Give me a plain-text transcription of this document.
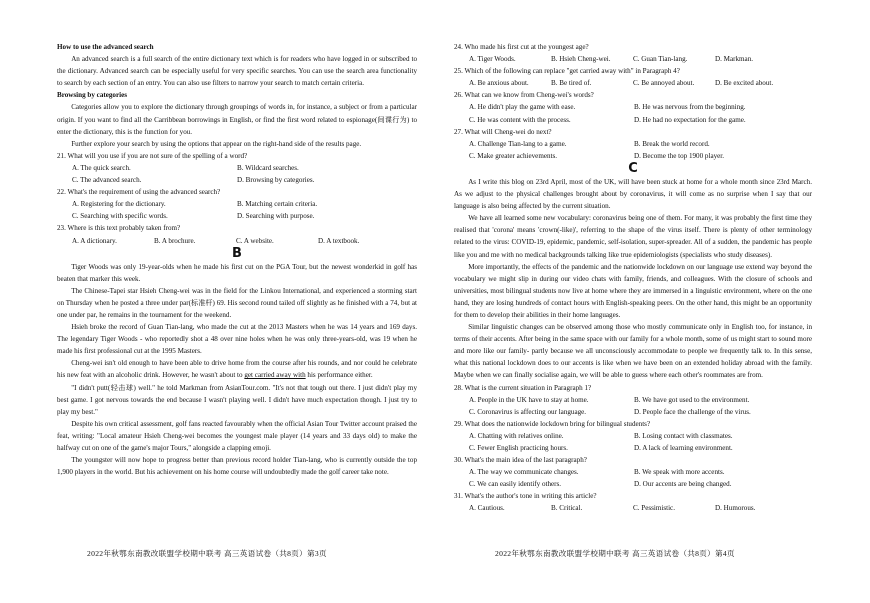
How to use the advanced search

An advanced search is a full search of the entire dictionary text which is for readers who have logged in or subscribed to the dictionary. Advanced search can be especially useful for very specific searches. You can use the search area functionality to search by each section of an entry. You can also use filters to narrow your search to match certain criteria.

Browsing by categories

Categories allow you to explore the dictionary through groupings of words in, for instance, a subject or from a particular origin. If you want to find all the Carribbean borrowings in English, or find the first word related to espionage(间谍行为) to enter the dictionary, this is the function for you.

Further explore your search by using the options that appear on the right-hand side of the results page.

21. What will you use if you are not sure of the spelling of a word?

A. The quick search.	B. Wildcard searches.
C. The advanced search.	D. Browsing by categories.

22. What's the requirement of using the advanced search?

A. Registering for the dictionary.	B. Matching certain criteria.
C. Searching with specific words.	D. Searching with purpose.

23. Where is this text probably taken from?

A. A dictionary.	B. A brochure.	C. A website.	D. A textbook.
B

Tiger Woods was only 19-year-olds when he made his first cut on the PGA Tour, but the newest wonderkid in golf has beaten that marker this week.

The Chinese-Tapei star Hsieh Cheng-wei was in the field for the Linkou International, and experienced a storming start on Thursday when he posted a three under par(标准杆) 69. His second round tailed off slightly as he finished with a 74, but at one under par, he remains in the tournament for the weekend.

Hsieh broke the record of Guan Tian-lang, who made the cut at the 2013 Masters when he was 14 years and 169 days. The legendary Tiger Woods - who reportedly shot a 48 over nine holes when he was only three-years-old, was 19 when he made his first professional cut at the 1995 Masters.

Cheng-wei isn't old enough to have been able to drive home from the course after his rounds, and nor could he celebrate his new feat with an alcoholic drink. However, he wasn't about to get carried away with his performance either.

"I didn't putt(轻击球) well." he told Markman from AsianTour.com. "It's not that tough out there. I just didn't play my best game. I got nervous towards the end because I wasn't playing well. I didn't have much expectation though. I just try to play my best."

Despite his own critical assessment, golf fans reacted favourably when the official Asian Tour Twitter account praised the feat, writing: "Local amateur Hsieh Cheng-wei becomes the youngest male player (14 years and 33 days old) to make the halfway cut on one of the game's major Tours," alongside a clapping emoji.

The youngster will now hope to progress better than previous record holder Tian-lang, who is currently outside the top 1,900 players in the world. But his achievement on his home course will undoubtedly made the golf career take note.

24. Who made his first cut at the youngest age?

A. Tiger Woods.	B. Hsieh Cheng-wei.	C. Guan Tian-lang.	D. Markman.

25. Which of the following can replace "get carried away with" in Paragraph 4?

A. Be anxious about.	B. Be tired of.	C. Be annoyed about.	D. Be excited about.

26. What can we know from Cheng-wei's words?

A. He didn't play the game with ease.	B. He was nervous from the beginning.
C. He was content with the process.	D. He had no expectation for the game.

27. What will Cheng-wei do next?

A. Challenge Tian-lang to a game.	B. Break the world record.
C. Make greater achievements.	D. Become the top 1900 player.
C

As I write this blog on 23rd April, most of the UK, will have been stuck at home for a whole month since 23rd March. As we adjust to the physical challenges brought about by coronavirus, it will come as no surprise when I say that our language is also being affected by the current situation.

We have all learned some new vocabulary: coronavirus being one of them. For many, it was probably the first time they realised that 'corona' means 'crown(-like)', referring to the shape of the virus itself. There is plenty of other terminology related to the virus: COVID-19, epidemic, pandemic, self-isolation, super-spreader. All of a sudden, the pandemic has people like you and me with no medical backgrounds talking like true epidemiologists (specialists who study diseases).

More importantly, the effects of the pandemic and the nationwide lockdown on our language use extend way beyond the vocabulary we might slip in during our video chats with family, friends, and colleagues. With the closure of schools and universities, most bilingual students now live at home where they are immersed in a linguistic environment, where on the one hand, they are losing hundreds of contact hours with English-speaking peers. On the other hand, this might be an opportunity for them to develop their abilities in their home languages.

Similar linguistic changes can be observed among those who mostly communicate only in English too, for instance, in terms of their accents. After being in the same space with our family for a whole month, some of us might start to sound more and more like our family- partly because we all unconsciously accommodate to people we frequently talk to. In this sense, what this national lockdown does to our accents is like when we have been on an extended holiday abroad with the family. Maybe when we can finally socialise again, we will be able to guess where each other's roommates are from.

28. What is the current situation in Paragraph 1?

A. People in the UK have to stay at home.	B. We have got used to the environment.
C. Coronavirus is affecting our language.	D. People face the challenge of the virus.

29. What does the nationwide lockdown bring for bilingual students?

A. Chatting with relatives online.	B. Losing contact with classmates.
C. Fewer English practicing hours.	D. A lack of learning environment.

30. What's the main idea of the last paragraph?

A. The way we communicate changes.	B. We speak with more accents.
C. We can easily identify others.	D. Our accents are being changed.

31. What's the author's tone in writing this article?

A. Cautious.	B. Critical.	C. Pessimistic.	D. Humorous.
2022年秋鄂东南教改联盟学校期中联考 高三英语试卷（共8页）第3页	2022年秋鄂东南教改联盟学校期中联考 高三英语试卷（共8页）第4页
